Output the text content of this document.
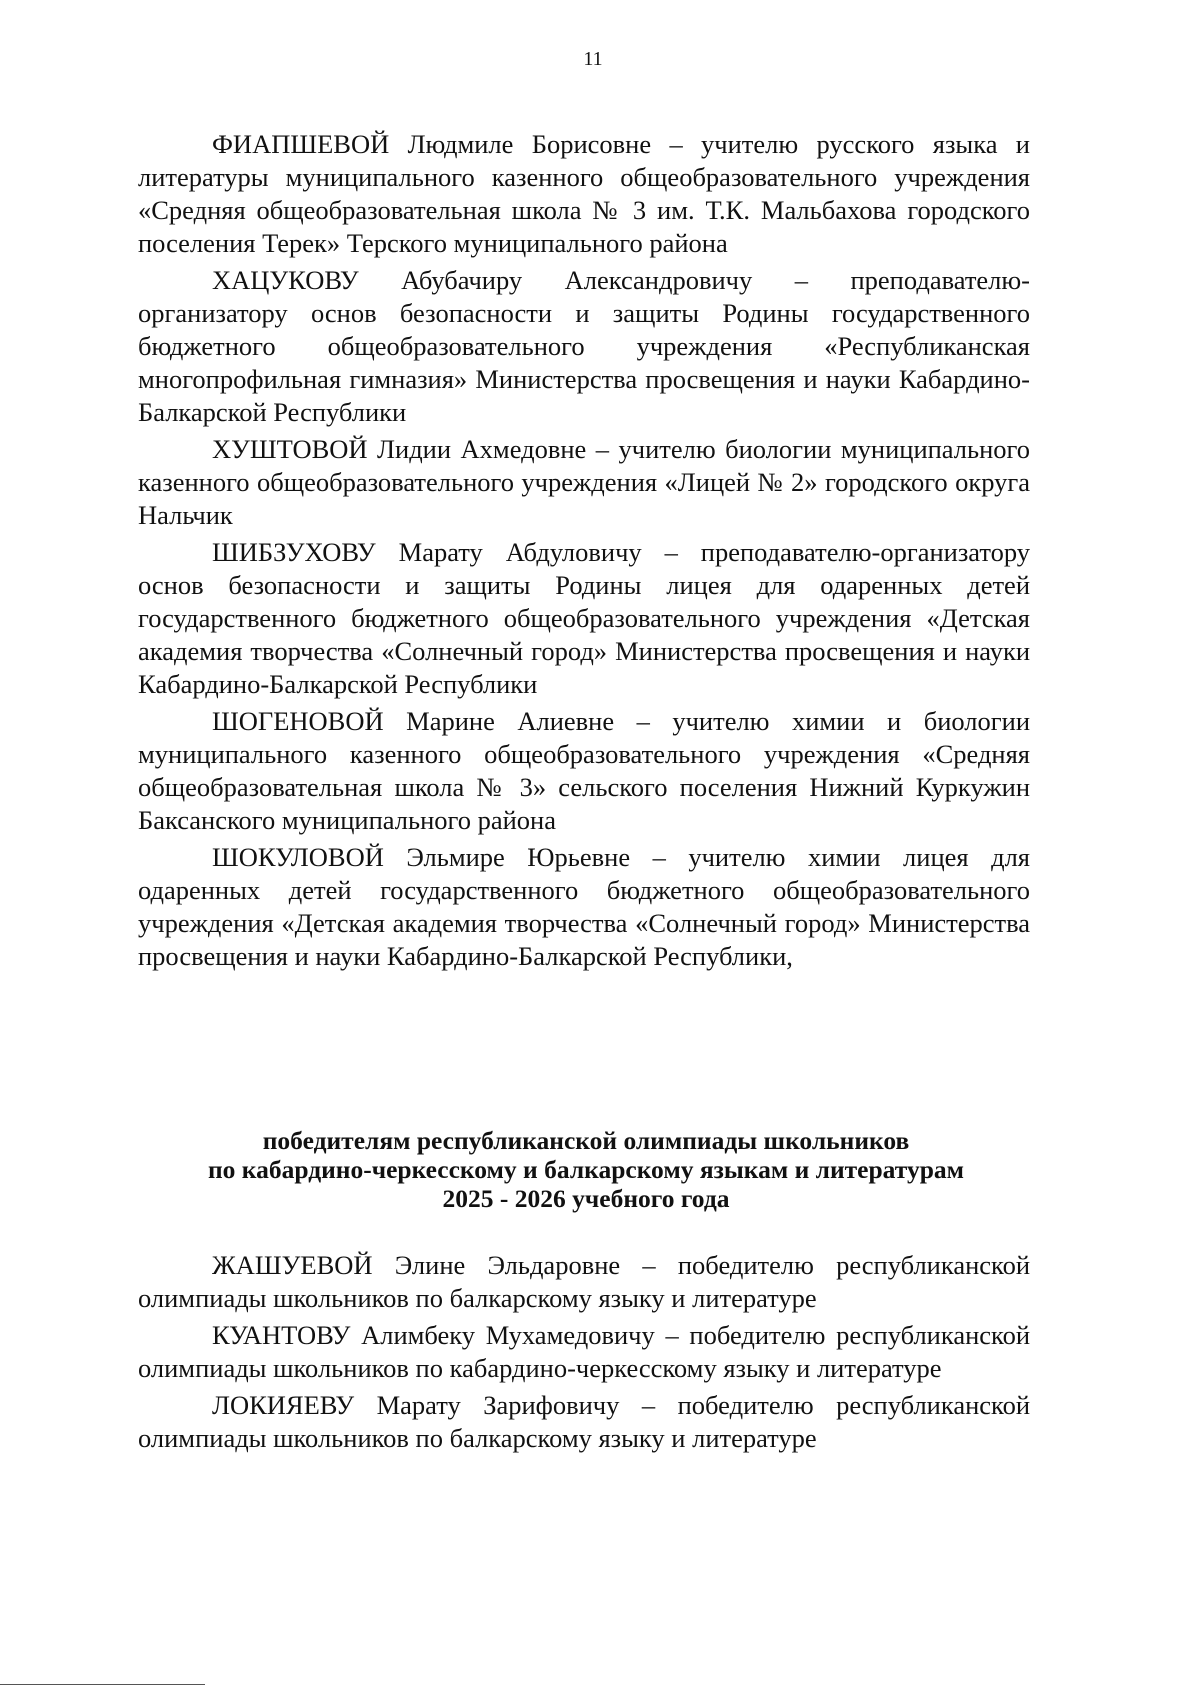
11

ФИАПШЕВОЙ Людмиле Борисовне – учителю русского языка и литературы муниципального казенного общеобразовательного учреждения «Средняя общеобразовательная школа № 3 им. Т.К. Мальбахова городского поселения Терек» Терского муниципального района

ХАЦУКОВУ Абубачиру Александровичу – преподавателю-организатору основ безопасности и защиты Родины государственного бюджетного общеобразовательного учреждения «Республиканская многопрофильная гимназия» Министерства просвещения и науки Кабардино-Балкарской Республики

ХУШТОВОЙ Лидии Ахмедовне – учителю биологии муниципального казенного общеобразовательного учреждения «Лицей № 2» городского округа Нальчик

ШИБЗУХОВУ Марату Абдуловичу – преподавателю-организатору основ безопасности и защиты Родины лицея для одаренных детей государственного бюджетного общеобразовательного учреждения «Детская академия творчества «Солнечный город» Министерства просвещения и науки Кабардино-Балкарской Республики

ШОГЕНОВОЙ Марине Алиевне – учителю химии и биологии муниципального казенного общеобразовательного учреждения «Средняя общеобразовательная школа № 3» сельского поселения Нижний Куркужин Баксанского муниципального района

ШОКУЛОВОЙ Эльмире Юрьевне – учителю химии лицея для одаренных детей государственного бюджетного общеобразовательного учреждения «Детская академия творчества «Солнечный город» Министерства просвещения и науки Кабардино-Балкарской Республики,

победителям республиканской олимпиады школьников
по кабардино-черкесскому и балкарскому языкам и литературам
2025 - 2026 учебного года

ЖАШУЕВОЙ Элине Эльдаровне – победителю республиканской олимпиады школьников по балкарскому языку и литературе

КУАНТОВУ Алимбеку Мухамедовичу – победителю республиканской олимпиады школьников по кабардино-черкесскому языку и литературе

ЛОКИЯЕВУ Марату Зарифовичу – победителю республиканской олимпиады школьников по балкарскому языку и литературе
